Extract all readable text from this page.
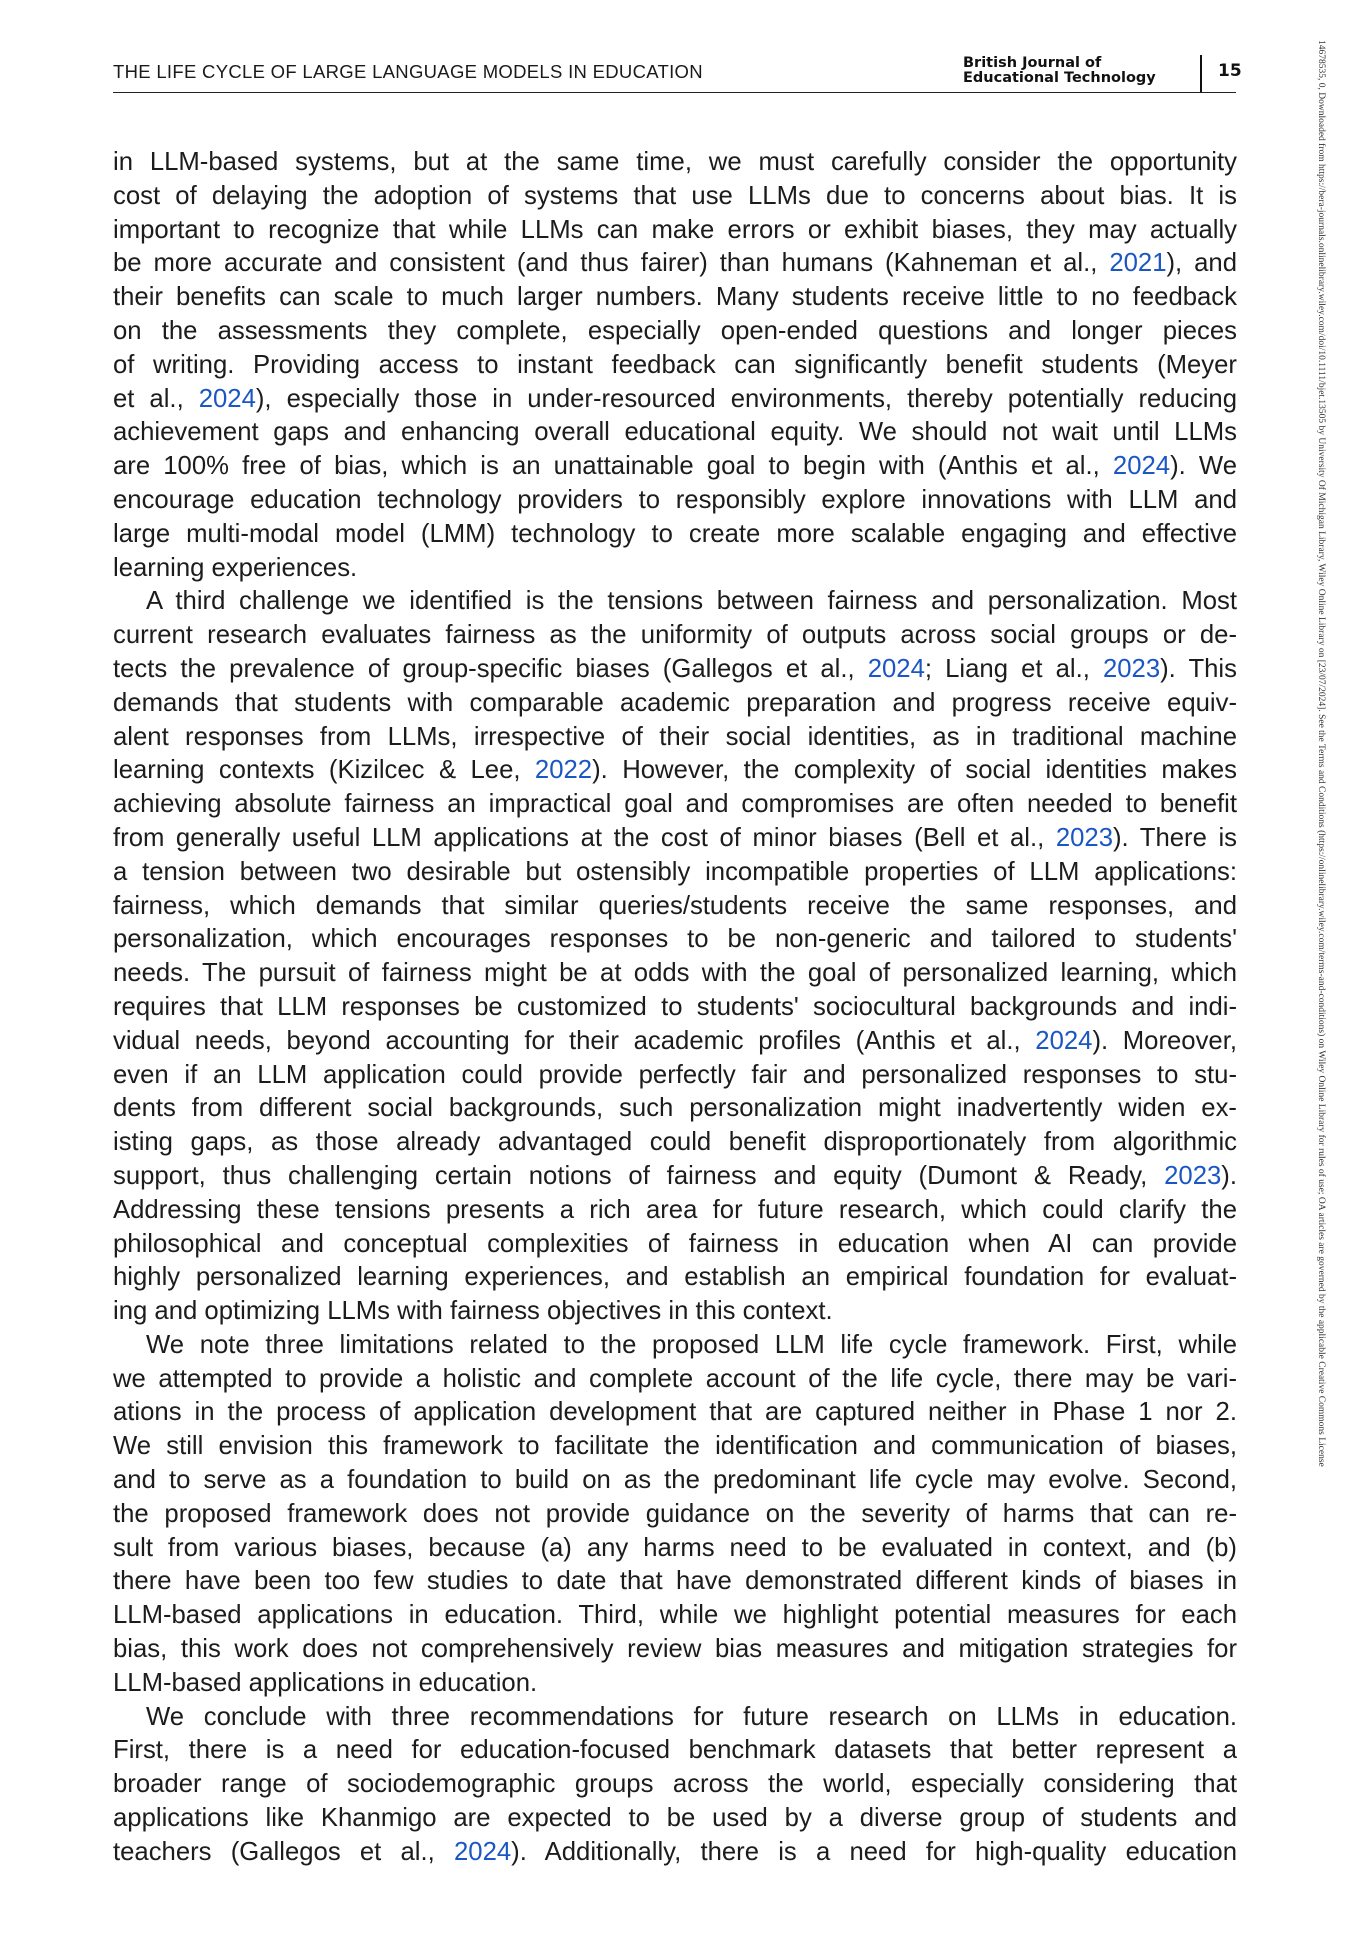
THE LIFE CYCLE OF LARGE LANGUAGE MODELS IN EDUCATION	British Journal of
Educational Technology	15	14678535, 0, Downloaded from https://bera-journals.onlinelibrary.wiley.com/doi/10.1111/bjet.13505 by University Of Michigan Library, Wiley Online Library on [23/07/2024]. See the Terms and Conditions (https://onlinelibrary.wiley.com/terms-and-conditions) on Wiley Online Library for rules of use; OA articles are governed by the applicable Creative Commons License
in LLM-based systems, but at the same time, we must carefully consider the opportunity
cost of delaying the adoption of systems that use LLMs due to concerns about bias. It is
important to recognize that while LLMs can make errors or exhibit biases, they may actually
be more accurate and consistent (and thus fairer) than humans (Kahneman et al., 2021), and
their benefits can scale to much larger numbers. Many students receive little to no feedback
on the assessments they complete, especially open-ended questions and longer pieces
of writing. Providing access to instant feedback can significantly benefit students (Meyer
et al., 2024), especially those in under-resourced environments, thereby potentially reducing
achievement gaps and enhancing overall educational equity. We should not wait until LLMs
are 100% free of bias, which is an unattainable goal to begin with (Anthis et al., 2024). We
encourage education technology providers to responsibly explore innovations with LLM and
large multi-modal model (LMM) technology to create more scalable engaging and effective
learning experiences.
A third challenge we identified is the tensions between fairness and personalization. Most
current research evaluates fairness as the uniformity of outputs across social groups or de-
tects the prevalence of group-specific biases (Gallegos et al., 2024; Liang et al., 2023). This
demands that students with comparable academic preparation and progress receive equiv-
alent responses from LLMs, irrespective of their social identities, as in traditional machine
learning contexts (Kizilcec & Lee, 2022). However, the complexity of social identities makes
achieving absolute fairness an impractical goal and compromises are often needed to benefit
from generally useful LLM applications at the cost of minor biases (Bell et al., 2023). There is
a tension between two desirable but ostensibly incompatible properties of LLM applications:
fairness, which demands that similar queries/students receive the same responses, and
personalization, which encourages responses to be non-generic and tailored to students'
needs. The pursuit of fairness might be at odds with the goal of personalized learning, which
requires that LLM responses be customized to students' sociocultural backgrounds and indi-
vidual needs, beyond accounting for their academic profiles (Anthis et al., 2024). Moreover,
even if an LLM application could provide perfectly fair and personalized responses to stu-
dents from different social backgrounds, such personalization might inadvertently widen ex-
isting gaps, as those already advantaged could benefit disproportionately from algorithmic
support, thus challenging certain notions of fairness and equity (Dumont & Ready, 2023).
Addressing these tensions presents a rich area for future research, which could clarify the
philosophical and conceptual complexities of fairness in education when AI can provide
highly personalized learning experiences, and establish an empirical foundation for evaluat-
ing and optimizing LLMs with fairness objectives in this context.
We note three limitations related to the proposed LLM life cycle framework. First, while
we attempted to provide a holistic and complete account of the life cycle, there may be vari-
ations in the process of application development that are captured neither in Phase 1 nor 2.
We still envision this framework to facilitate the identification and communication of biases,
and to serve as a foundation to build on as the predominant life cycle may evolve. Second,
the proposed framework does not provide guidance on the severity of harms that can re-
sult from various biases, because (a) any harms need to be evaluated in context, and (b)
there have been too few studies to date that have demonstrated different kinds of biases in
LLM-based applications in education. Third, while we highlight potential measures for each
bias, this work does not comprehensively review bias measures and mitigation strategies for
LLM-based applications in education.
We conclude with three recommendations for future research on LLMs in education.
First, there is a need for education-focused benchmark datasets that better represent a
broader range of sociodemographic groups across the world, especially considering that
applications like Khanmigo are expected to be used by a diverse group of students and
teachers (Gallegos et al., 2024). Additionally, there is a need for high-quality education
